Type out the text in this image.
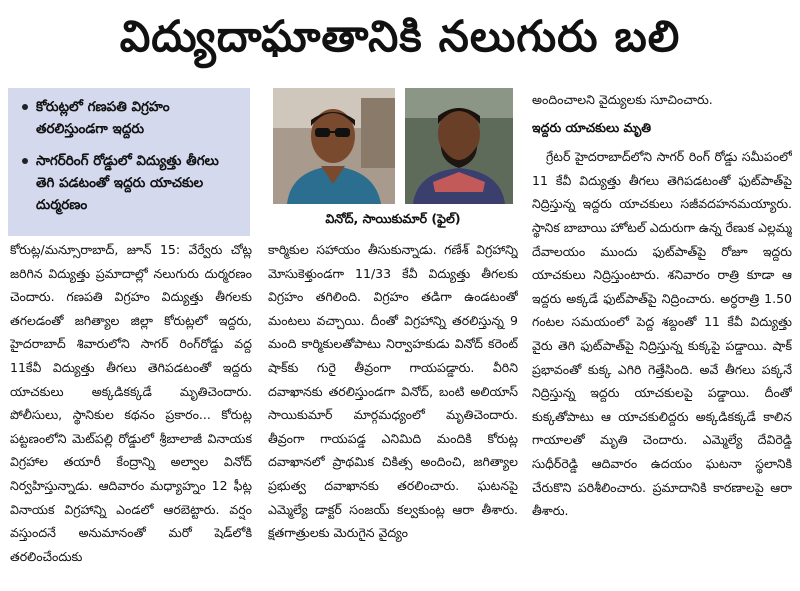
విద్యుదాఘాతానికి నలుగురు బలి
కోరుట్లలో గణపతి విగ్రహం తరలిస్తుండగా ఇద్దరు
సాగర్‌రింగ్ రోడ్డులో విద్యుత్తు తీగలు తెగి పడటంతో ఇద్దరు యాచకుల దుర్మరణం

కోరుట్ల/మన్సూరాబాద్, జూన్ 15: వేర్వేరు చోట్ల జరిగిన విద్యుత్తు ప్రమాదాల్లో నలుగురు దుర్మరణం చెందారు. గణపతి విగ్రహం విద్యుత్తు తీగలకు తగలడంతో జగిత్యాల జిల్లా కోరుట్లలో ఇద్దరు, హైదరాబాద్ శివారులోని సాగర్ రింగ్‌రోడ్డు వద్ద 11కేవీ విద్యుత్తు తీగలు తెగిపడటంతో ఇద్దరు యాచకులు అక్కడికక్కడే మృతిచెందారు. పోలీసులు, స్థానికుల కథనం ప్రకారం... కోరుట్ల పట్టణంలోని మెట్‌పల్లి రోడ్డులో శ్రీబాలాజీ వినాయక విగ్రహాల తయారీ కేంద్రాన్ని అల్వాల వినోద్ నిర్వహిస్తున్నాడు. ఆదివారం మధ్యాహ్నం 12 ఫీట్ల వినాయక విగ్రహాన్ని ఎండలో ఆరబెట్టారు. వర్షం వస్తుందనే అనుమానంతో మరో షెడ్‌లోకి తరలించేందుకు

వినోద్, సాయికుమార్ (ఫైల్)

కార్మికుల సహాయం తీసుకున్నాడు. గణేశ్ విగ్రహాన్ని మోసుకెళ్తుండగా 11/33 కేవీ విద్యుత్తు తీగలకు విగ్రహం తగిలింది. విగ్రహం తడిగా ఉండటంతో మంటలు వచ్చాయి. దీంతో విగ్రహాన్ని తరలిస్తున్న 9 మంది కార్మికులతోపాటు నిర్వాహకుడు వినోద్ కరెంట్ షాక్‌కు గురై తీవ్రంగా గాయపడ్డారు. వీరిని దవాఖానకు తరలిస్తుండగా వినోద్, బంటి అలియాస్ సాయికుమార్ మార్గమధ్యంలో మృతిచెందారు. తీవ్రంగా గాయపడ్డ ఎనిమిది మందికి కోరుట్ల దవాఖానలో ప్రాథమిక చికిత్స అందించి, జగిత్యాల ప్రభుత్వ దవాఖానకు తరలించారు. ఘటనపై ఎమ్మెల్యే డాక్టర్ సంజయ్ కల్వకుంట్ల ఆరా తీశారు. క్షతగాత్రులకు మెరుగైన వైద్యం

అందించాలని వైద్యులకు సూచించారు.

ఇద్దరు యాచకులు మృతి

గ్రేటర్ హైదరాబాద్‌లోని సాగర్ రింగ్ రోడ్డు సమీపంలో 11 కేవీ విద్యుత్తు తీగలు తెగిపడటంతో ఫుట్‌పాత్‌పై నిద్రిస్తున్న ఇద్దరు యాచకులు సజీవదహనమయ్యారు. స్థానిక బాబాయి హోటల్ ఎదురుగా ఉన్న రేణుక ఎల్లమ్మ దేవాలయం ముందు ఫుట్‌పాత్‌పై రోజూ ఇద్దరు యాచకులు నిద్రిస్తుంటారు. శనివారం రాత్రి కూడా ఆ ఇద్దరు అక్కడే ఫుట్‌పాత్‌పై నిద్రించారు. అర్ధరాత్రి 1.50 గంటల సమయంలో పెద్ద శబ్దంతో 11 కేవీ విద్యుత్తు వైరు తెగి ఫుట్‌పాత్‌పై నిద్రిస్తున్న కుక్కపై పడ్డాయి. షాక్ ప్రభావంతో కుక్క ఎగిరి గెత్తేసింది. అవే తీగలు పక్కనే నిద్రిస్తున్న ఇద్దరు యాచకులపై పడ్డాయి. దీంతో కుక్కతోపాటు ఆ యాచకులిద్దరు అక్కడికక్కడే కాలిన గాయాలతో మృతి చెందారు. ఎమ్మెల్యే దేవిరెడ్డి సుధీర్‌రెడ్డి ఆదివారం ఉదయం ఘటనా స్థలానికి చేరుకొని పరిశీలించారు. ప్రమాదానికి కారణాలపై ఆరా తీశారు.
